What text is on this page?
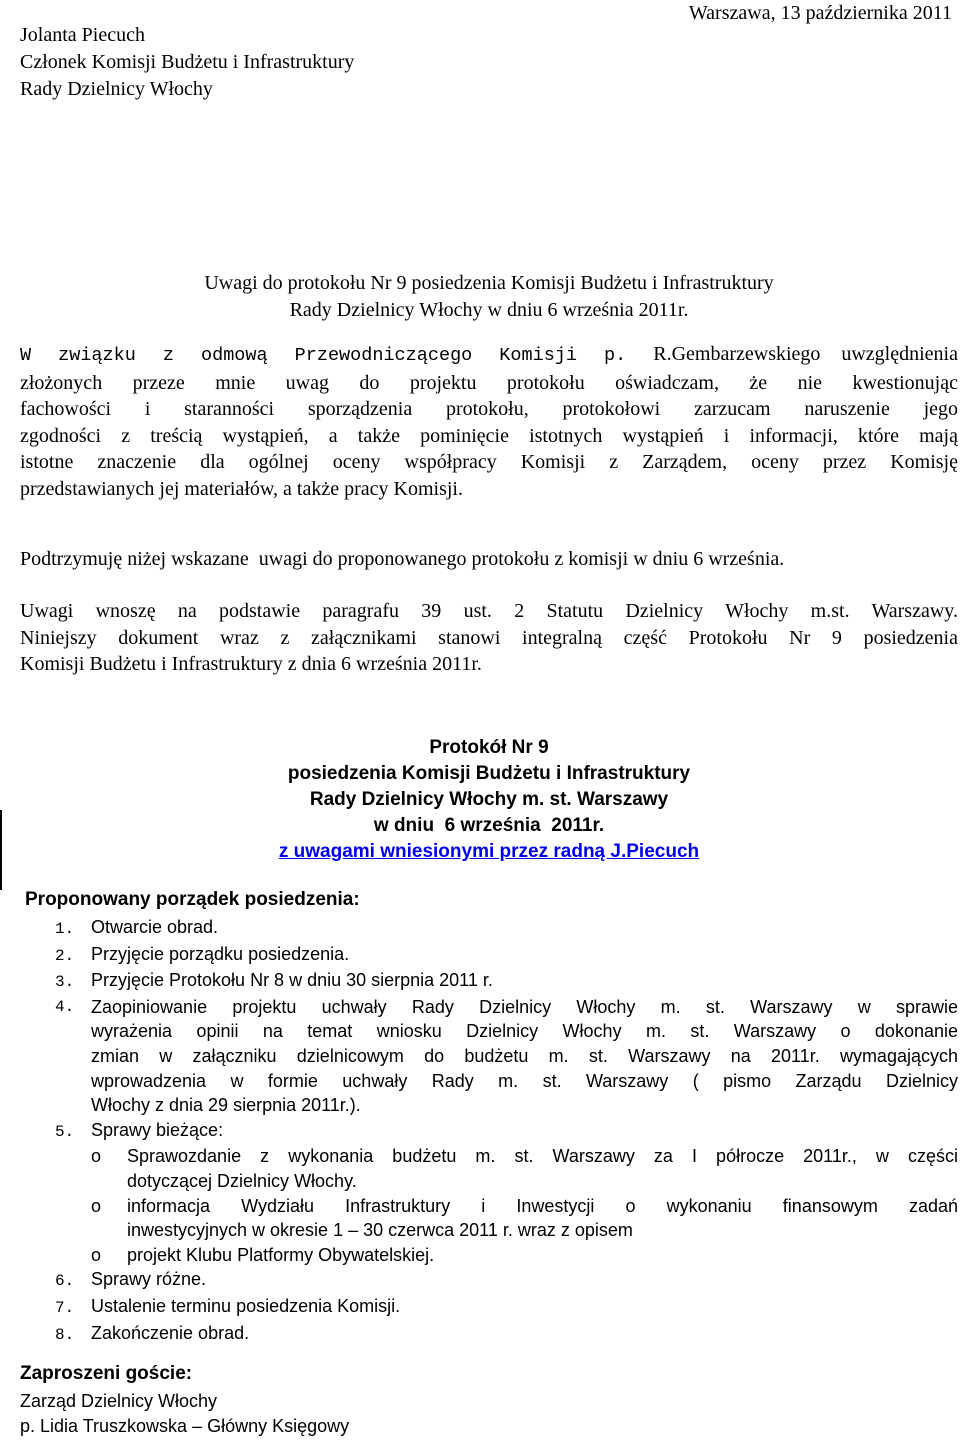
Jolanta Piecuch
Członek Komisji Budżetu i Infrastruktury
Rady Dzielnicy Włochy
Warszawa, 13 października 2011
Uwagi do protokołu Nr 9 posiedzenia Komisji Budżetu i Infrastruktury
Rady Dzielnicy Włochy w dniu 6 września 2011r.
W związku z odmową Przewodniczącego Komisji p. R.Gembarzewskiego uwzględnienia
złożonych przeze mnie uwag do projektu protokołu oświadczam, że nie kwestionując
fachowości i staranności sporządzenia protokołu, protokołowi zarzucam naruszenie jego
zgodności z treścią wystąpień, a także pominięcie istotnych wystąpień i informacji, które mają
istotne znaczenie dla ogólnej oceny współpracy Komisji z Zarządem, oceny przez Komisję
przedstawianych jej materiałów, a także pracy Komisji.
Podtrzymuję niżej wskazane  uwagi do proponowanego protokołu z komisji w dniu 6 września.
Uwagi wnoszę na podstawie paragrafu 39 ust. 2 Statutu Dzielnicy Włochy m.st. Warszawy.
Niniejszy dokument wraz z załącznikami stanowi integralną część Protokołu Nr 9 posiedzenia
Komisji Budżetu i Infrastruktury z dnia 6 września 2011r.
Protokół Nr 9
posiedzenia Komisji Budżetu i Infrastruktury
Rady Dzielnicy Włochy m. st. Warszawy
w dniu  6 września  2011r.
z uwagami wniesionymi przez radną J.Piecuch
Proponowany porządek posiedzenia:
1. Otwarcie obrad.
2. Przyjęcie porządku posiedzenia.
3. Przyjęcie Protokołu Nr 8 w dniu 30 sierpnia 2011 r.
4. Zaopiniowanie projektu uchwały Rady Dzielnicy Włochy m. st. Warszawy w sprawie
wyrażenia opinii na temat wniosku Dzielnicy Włochy m. st. Warszawy o dokonanie
zmian w załączniku dzielnicowym do budżetu m. st. Warszawy na 2011r. wymagających
wprowadzenia w formie uchwały Rady m. st. Warszawy ( pismo Zarządu Dzielnicy
Włochy z dnia 29 sierpnia 2011r.).
5. Sprawy bieżące:
o	Sprawozdanie z wykonania budżetu m. st. Warszawy za I półrocze 2011r., w części
dotyczącej Dzielnicy Włochy.
o	informacja Wydziału Infrastruktury i Inwestycji o wykonaniu finansowym zadań
inwestycyjnych w okresie 1 – 30 czerwca 2011 r. wraz z opisem
o	projekt Klubu Platformy Obywatelskiej.
6. Sprawy różne.
7. Ustalenie terminu posiedzenia Komisji.
8. Zakończenie obrad.
Zaproszeni goście:
Zarząd Dzielnicy Włochy
p. Lidia Truszkowska – Główny Księgowy
